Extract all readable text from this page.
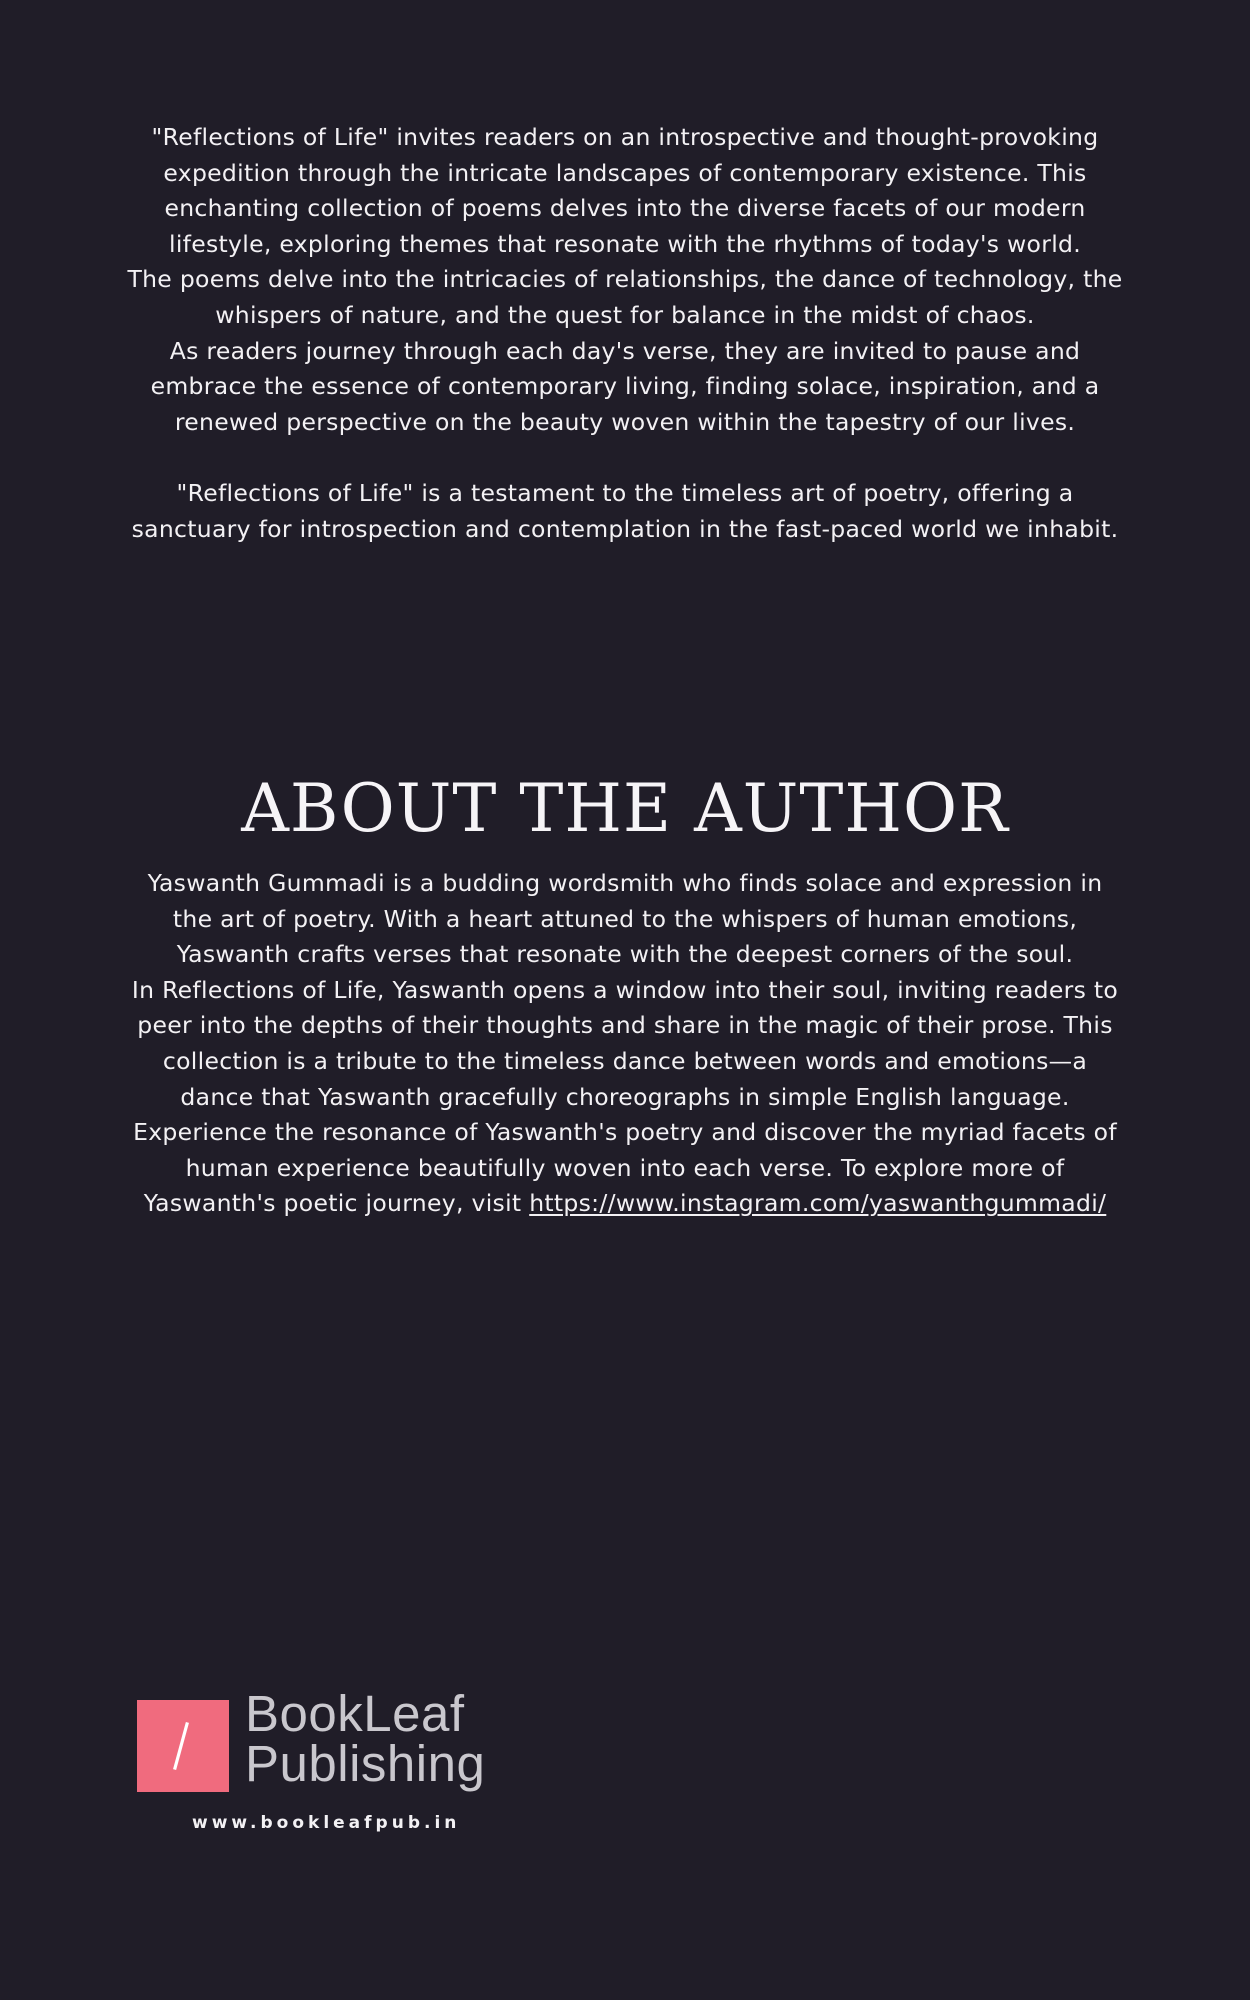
"Reflections of Life" invites readers on an introspective and thought-provoking expedition through the intricate landscapes of contemporary existence. This enchanting collection of poems delves into the diverse facets of our modern lifestyle, exploring themes that resonate with the rhythms of today's world.

The poems delve into the intricacies of relationships, the dance of technology, the whispers of nature, and the quest for balance in the midst of chaos.

As readers journey through each day's verse, they are invited to pause and embrace the essence of contemporary living, finding solace, inspiration, and a renewed perspective on the beauty woven within the tapestry of our lives.

"Reflections of Life" is a testament to the timeless art of poetry, offering a sanctuary for introspection and contemplation in the fast-paced world we inhabit.

ABOUT THE AUTHOR

Yaswanth Gummadi is a budding wordsmith who finds solace and expression in the art of poetry. With a heart attuned to the whispers of human emotions, Yaswanth crafts verses that resonate with the deepest corners of the soul.

In Reflections of Life, Yaswanth opens a window into their soul, inviting readers to peer into the depths of their thoughts and share in the magic of their prose. This collection is a tribute to the timeless dance between words and emotions—a dance that Yaswanth gracefully choreographs in simple English language.

Experience the resonance of Yaswanth's poetry and discover the myriad facets of human experience beautifully woven into each verse. To explore more of Yaswanth's poetic journey, visit https://www.instagram.com/yaswanthgummadi/

BookLeaf
Publishing
www.bookleafpub.in
